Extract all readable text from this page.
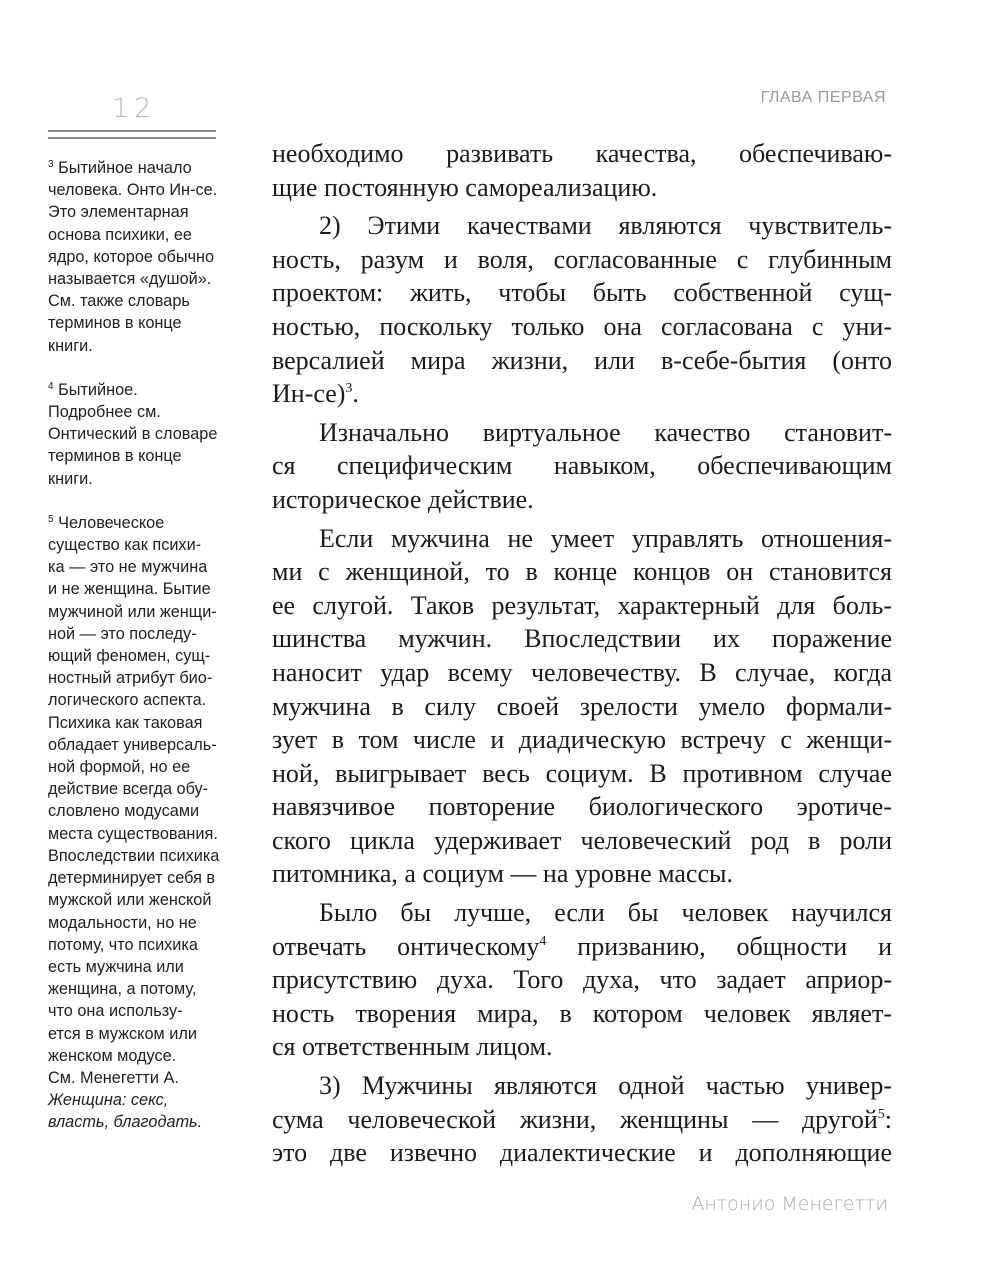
12	ГЛАВА ПЕРВАЯ
$^3$ Бытийное начало
человека. Онто Ин-се.
Это элементарная
основа психики, ее
ядро, которое обычно
называется «душой».
См. также словарь
терминов в конце
книги.
$^4$ Бытийное.
Подробнее см.
Онтический в словаре
терминов в конце
книги.
$^5$ Человеческое
существо как психи-
ка — это не мужчина
и не женщина. Бытие
мужчиной или женщи-
ной — это последу-
ющий феномен, сущ-
ностный атрибут био-
логического аспекта.
Психика как таковая
обладает универсаль-
ной формой, но ее
действие всегда обу-
словлено модусами
места существования.
Впоследствии психика
детерминирует себя в
мужской или женской
модальности, но не
потому, что психика
есть мужчина или
женщина, а потому,
что она использу-
ется в мужском или
женском модусе.
См. Менегетти А.
Женщина: секс,
власть, благодать.
необходимо развивать качества, обеспечиваю-
щие постоянную самореализацию.
2) Этими качествами являются чувствитель-
ность, разум и воля, согласованные с глубинным
проектом: жить, чтобы быть собственной сущ-
ностью, поскольку только она согласована с уни-
версалией мира жизни, или в-себе-бытия (онто
Ин-се)$^3$.
Изначально виртуальное качество становит-
ся специфическим навыком, обеспечивающим
историческое действие.
Если мужчина не умеет управлять отношения-
ми с женщиной, то в конце концов он становится
ее слугой. Таков результат, характерный для боль-
шинства мужчин. Впоследствии их поражение
наносит удар всему человечеству. В случае, когда
мужчина в силу своей зрелости умело формали-
зует в том числе и диадическую встречу с женщи-
ной, выигрывает весь социум. В противном случае
навязчивое повторение биологического эротиче-
ского цикла удерживает человеческий род в роли
питомника, а социум — на уровне массы.
Было бы лучше, если бы человек научился
отвечать онтическому$^4$ призванию, общности и
присутствию духа. Того духа, что задает априор-
ность творения мира, в котором человек являет-
ся ответственным лицом.
3) Мужчины являются одной частью универ-
сума человеческой жизни, женщины — другой$^5$:
это две извечно диалектические и дополняющие
Антонио Менегетти
